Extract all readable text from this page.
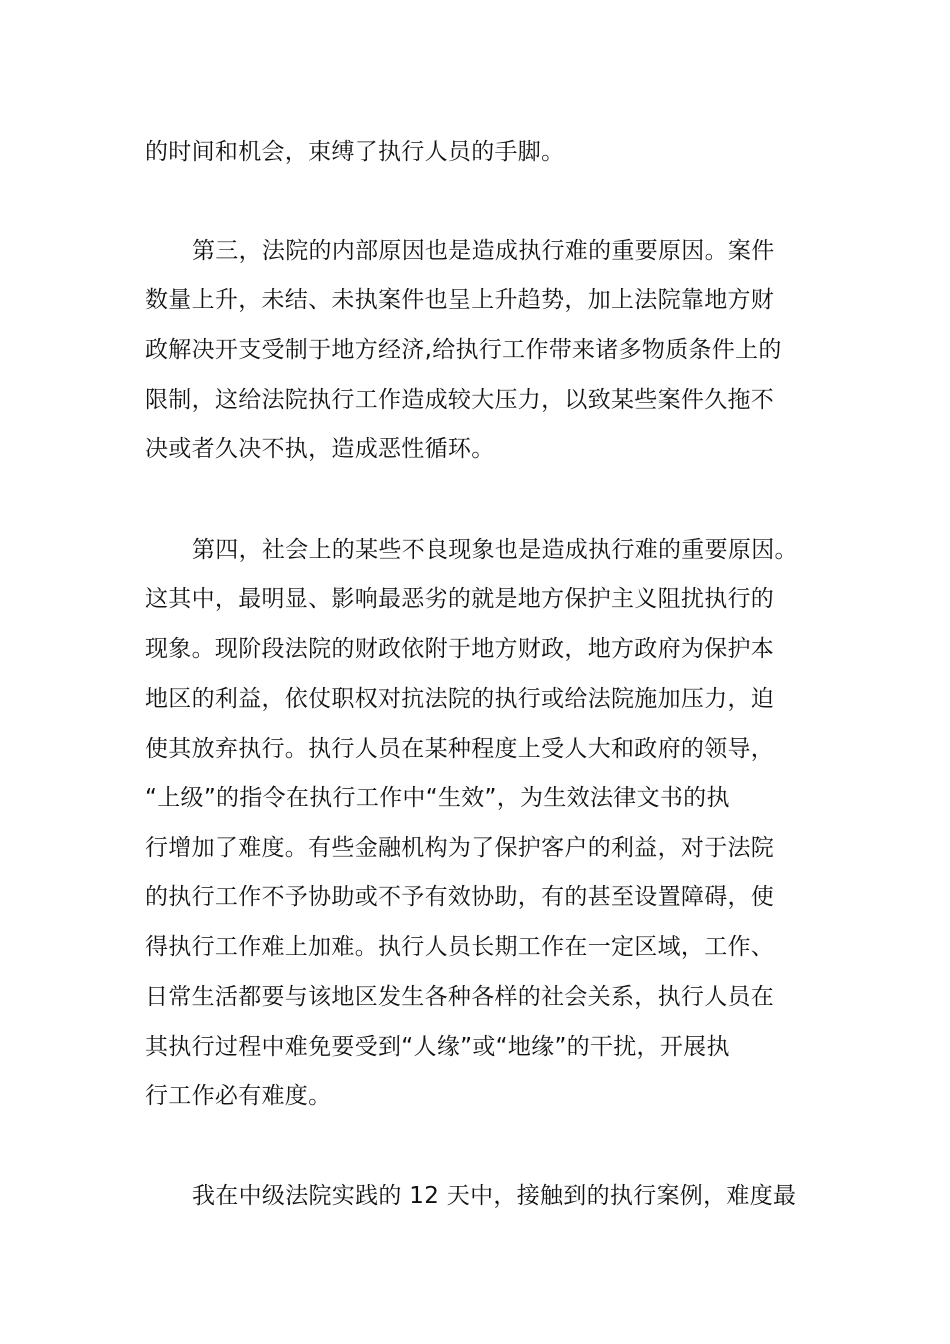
的时间和机会，束缚了执行人员的手脚。
第三，法院的内部原因也是造成执行难的重要原因。案件
数量上升，未结、未执案件也呈上升趋势，加上法院靠地方财
政解决开支受制于地方经济,给执行工作带来诸多物质条件上的
限制，这给法院执行工作造成较大压力，以致某些案件久拖不
决或者久决不执，造成恶性循环。
第四，社会上的某些不良现象也是造成执行难的重要原因。
这其中，最明显、影响最恶劣的就是地方保护主义阻扰执行的
现象。现阶段法院的财政依附于地方财政，地方政府为保护本
地区的利益，依仗职权对抗法院的执行或给法院施加压力，迫
使其放弃执行。执行人员在某种程度上受人大和政府的领导，
“上级”的指令在执行工作中“生效”，为生效法律文书的执
行增加了难度。有些金融机构为了保护客户的利益，对于法院
的执行工作不予协助或不予有效协助，有的甚至设置障碍，使
得执行工作难上加难。执行人员长期工作在一定区域，工作、
日常生活都要与该地区发生各种各样的社会关系，执行人员在
其执行过程中难免要受到“人缘”或“地缘”的干扰，开展执
行工作必有难度。
我在中级法院实践的 12 天中，接触到的执行案例，难度最
